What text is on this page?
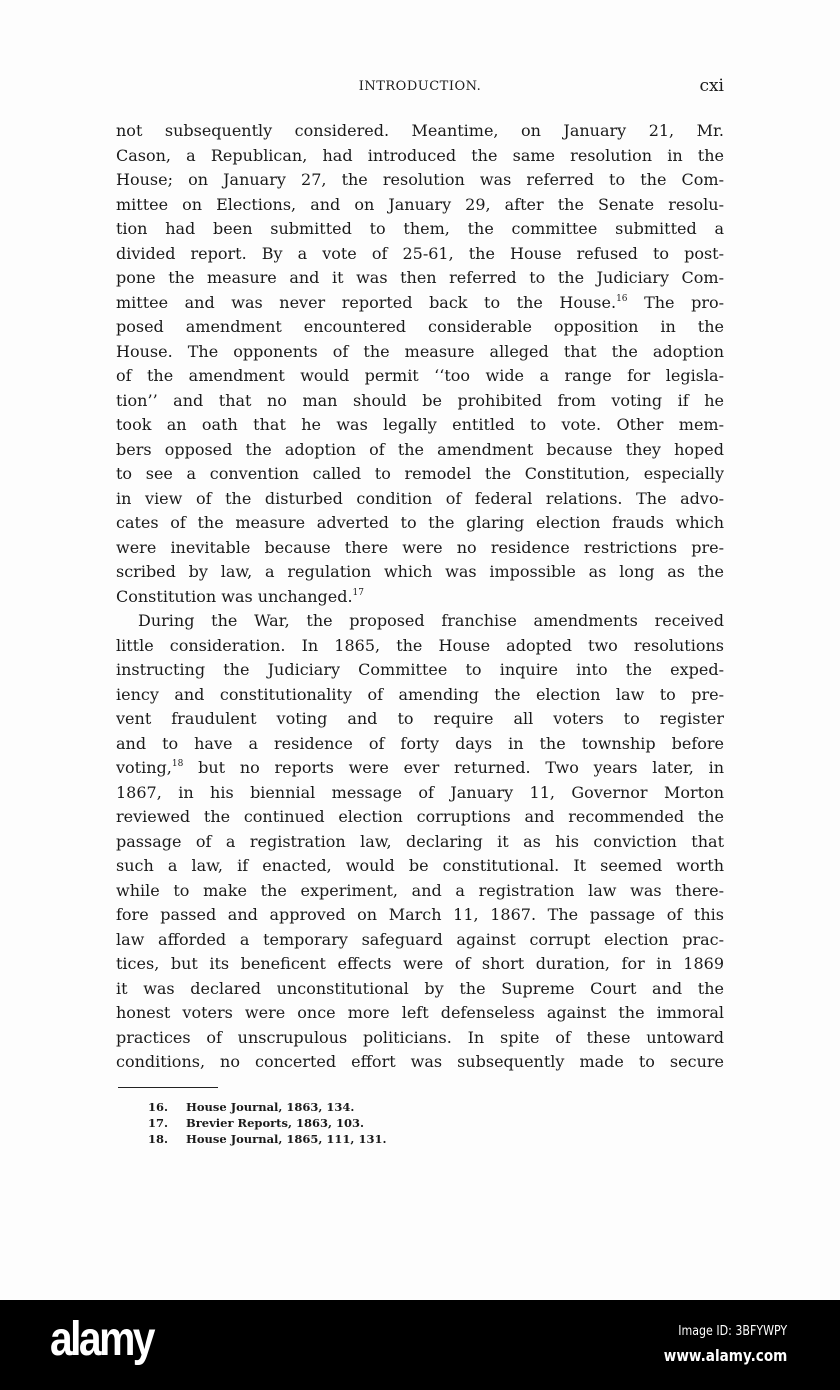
INTRODUCTION.	cxi
not subsequently considered. Meantime, on January 21, Mr.
Cason, a Republican, had introduced the same resolution in the
House; on January 27, the resolution was referred to the Com-
mittee on Elections, and on January 29, after the Senate resolu-
tion had been submitted to them, the committee submitted a
divided report. By a vote of 25-61, the House refused to post-
pone the measure and it was then referred to the Judiciary Com-
mittee and was never reported back to the House.$^{16}$ The pro-
posed amendment encountered considerable opposition in the
House. The opponents of the measure alleged that the adoption
of the amendment would permit ‘‘too wide a range for legisla-
tion’’ and that no man should be prohibited from voting if he
took an oath that he was legally entitled to vote. Other mem-
bers opposed the adoption of the amendment because they hoped
to see a convention called to remodel the Constitution, especially
in view of the disturbed condition of federal relations. The advo-
cates of the measure adverted to the glaring election frauds which
were inevitable because there were no residence restrictions pre-
scribed by law, a regulation which was impossible as long as the
Constitution was unchanged.$^{17}$
During the War, the proposed franchise amendments received
little consideration. In 1865, the House adopted two resolutions
instructing the Judiciary Committee to inquire into the exped-
iency and constitutionality of amending the election law to pre-
vent fraudulent voting and to require all voters to register
and to have a residence of forty days in the township before
voting,$^{18}$ but no reports were ever returned. Two years later, in
1867, in his biennial message of January 11, Governor Morton
reviewed the continued election corruptions and recommended the
passage of a registration law, declaring it as his conviction that
such a law, if enacted, would be constitutional. It seemed worth
while to make the experiment, and a registration law was there-
fore passed and approved on March 11, 1867. The passage of this
law afforded a temporary safeguard against corrupt election prac-
tices, but its beneficent effects were of short duration, for in 1869
it was declared unconstitutional by the Supreme Court and the
honest voters were once more left defenseless against the immoral
practices of unscrupulous politicians. In spite of these untoward
conditions, no concerted effort was subsequently made to secure
16. House Journal, 1863, 134.
17. Brevier Reports, 1863, 103.
18. House Journal, 1865, 111, 131.
alamy	Image ID: 3BFYWPY
www.alamy.com
